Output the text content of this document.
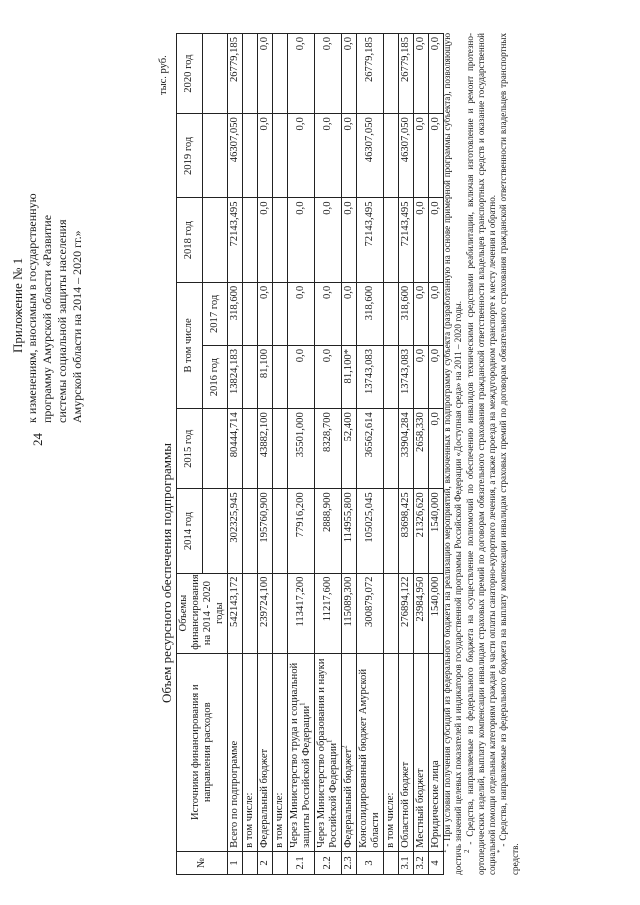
24
Приложение № 1 к изменениям, вносимым в государственную программу Амурской области «Развитие системы социальной защиты населения Амурской области на 2014 – 2020 гг.»
Объем ресурсного обеспечения подпрограммы
тыс. руб.
№	Источники финансирования и направления расходов	Объемы финансирования на 2014 - 2020 годы	2014 год	2015 год	В том числе		2018 год	2019 год	2020 год
					2016 год	2017 год			
1	Всего по подпрограмме	542143,172	302325,945	80444,714	13824,183	318,600	72143,495	46307,050	26779,185
	в том числе:								
2	Федеральный бюджет	239724,100	195760,900	43882,100	81,100	0,0	0,0	0,0	0,0
	в том числе:								
2.1	Через Министерство труда и социальной защиты Российской Федерации$^1$	113417,200	77916,200	35501,000	0,0	0,0	0,0	0,0	0,0
2.2	Через Министерство образования и науки Российской Федерации$^1$	11217,600	2888,900	8328,700	0,0	0,0	0,0	0,0	0,0
2.3	Федеральный бюджет$^2$	115089,300	114955,800	52,400	81,100*	0,0	0,0	0,0	0,0
3	Консолидированный бюджет Амурской области	300879,072	105025,045	36562,614	13743,083	318,600	72143,495	46307,050	26779,185
	в том числе:								
3.1	Областной бюджет	276894,122	83698,425	33904,284	13743,083	318,600	72143,495	46307,050	26779,185
3.2	Местный бюджет	23984,950	21326,620	2658,330	0,0	0,0	0,0	0,0	0,0
4	Юридические лица	1540,000	1540,000	0,0	0,0	0,0	0,0	0,0	0,0

$^1$ - При условии получения субсидий из федерального бюджета на реализацию мероприятий, включенных в подпрограмму субъекта (разработанную на основе примерной программы субъекта), позволяющую достичь значений целевых показателей и индикаторов государственной программы Российской Федерации «Доступная среда» на 2011 – 2020 годы. $^2$ - Средства, направляемые из федерального бюджета на осуществление полномочий по обеспечению инвалидов техническими средствами реабилитации, включая изготовление и ремонт протезно-ортопедических изделий, выплату компенсации инвалидам страховых премий по договорам обязательного страхования гражданской ответственности владельцев транспортных средств и оказание государственной социальной помощи отдельным категориям граждан в части оплаты санаторно-курортного лечения, а также проезда на междугородном транспорте к месту лечения и обратно. * - Средства, направляемые из федерального бюджета на выплату компенсации инвалидам страховых премий по договорам обязательного страхования гражданской ответственности владельцев транспортных средств.
